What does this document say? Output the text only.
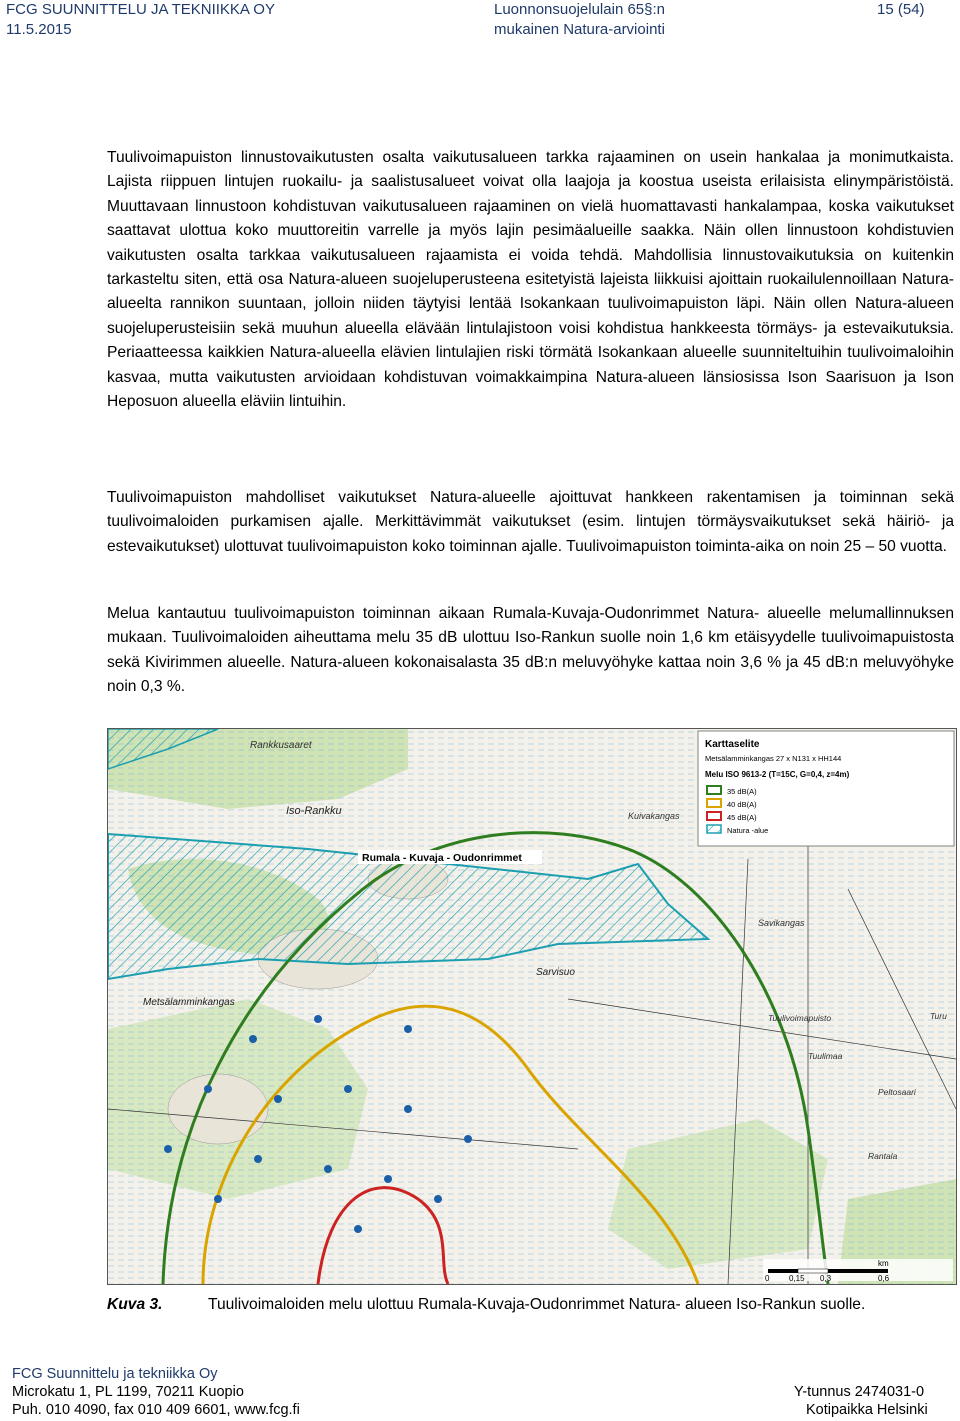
FCG SUUNNITTELU JA TEKNIIKKA OY
11.5.2015
Luonnonsuojelulain 65§:n
mukainen Natura-arviointi
15 (54)
Tuulivoimapuiston linnustovaikutusten osalta vaikutusalueen tarkka rajaaminen on usein hankalaa ja monimutkaista. Lajista riippuen lintujen ruokailu- ja saalistusalueet voivat olla laajoja ja koostua useista erilaisista elinympäristöistä. Muuttavaan linnustoon kohdistuvan vaikutusalueen rajaaminen on vielä huomattavasti hankalampaa, koska vaikutukset saattavat ulottua koko muuttoreitin varrelle ja myös lajin pesimäalueille saakka. Näin ollen linnustoon kohdistuvien vaikutusten osalta tarkkaa vaikutusalueen rajaamista ei voida tehdä. Mahdollisia linnustovaikutuksia on kuitenkin tarkasteltu siten, että osa Natura-alueen suojeluperusteena esitetyistä lajeista liikkuisi ajoittain ruokailulennoillaan Natura-alueelta rannikon suuntaan, jolloin niiden täytyisi lentää Isokankaan tuulivoimapuiston läpi. Näin ollen Natura-alueen suojeluperusteisiin sekä muuhun alueella elävään lintulajistoon voisi kohdistua hankkeesta törmäys- ja estevaikutuksia. Periaatteessa kaikkien Natura-alueella elävien lintulajien riski törmätä Isokankaan alueelle suunniteltuihin tuulivoimaloihin kasvaa, mutta vaikutusten arvioidaan kohdistuvan voimakkaimpina Natura-alueen länsiosissa Ison Saarisuon ja Ison Heposuon alueella eläviin lintuihin.
Tuulivoimapuiston mahdolliset vaikutukset Natura-alueelle ajoittuvat hankkeen rakentamisen ja toiminnan sekä tuulivoimaloiden purkamisen ajalle. Merkittävimmät vaikutukset (esim. lintujen törmäysvaikutukset sekä häiriö- ja estevaikutukset) ulottuvat tuulivoimapuiston koko toiminnan ajalle. Tuulivoimapuiston toiminta-aika on noin 25 – 50 vuotta.
Melua kantautuu tuulivoimapuiston toiminnan aikaan Rumala-Kuvaja-Oudonrimmet Natura- alueelle melumallinnuksen mukaan. Tuulivoimaloiden aiheuttama melu 35 dB ulottuu Iso-Rankun suolle noin 1,6 km etäisyydelle tuulivoimapuistosta sekä Kivirimmen alueelle. Natura-alueen kokonaisalasta 35 dB:n meluvyöhyke kattaa noin 3,6 % ja 45 dB:n meluvyöhyke noin 0,3 %.
Rankkusaaret
Iso-Rankku	Kuivakangas
Rumala - Kuvaja - Oudonrimmet
Savikangas
Sarvisuo
Metsälamminkangas
Tuulivoimapuisto
Tuulimaa
Peltosaari
Rantala
Turu
Karttaselite
Metsälamminkangas 27 x N131 x HH144
Melu ISO 9613-2 (T=15C, G=0,4, z=4m)
35 dB(A)
40 dB(A)
45 dB(A)
Natura -alue
km
0 0,15 0,3	0,6
Kuva 3.	Tuulivoimaloiden melu ulottuu Rumala-Kuvaja-Oudonrimmet Natura- alueen Iso-Rankun suolle.
FCG Suunnittelu ja tekniikka Oy
Microkatu 1, PL 1199, 70211 Kuopio
Puh. 010 4090, fax 010 409 6601, www.fcg.fi
Y-tunnus 2474031-0
Kotipaikka Helsinki
